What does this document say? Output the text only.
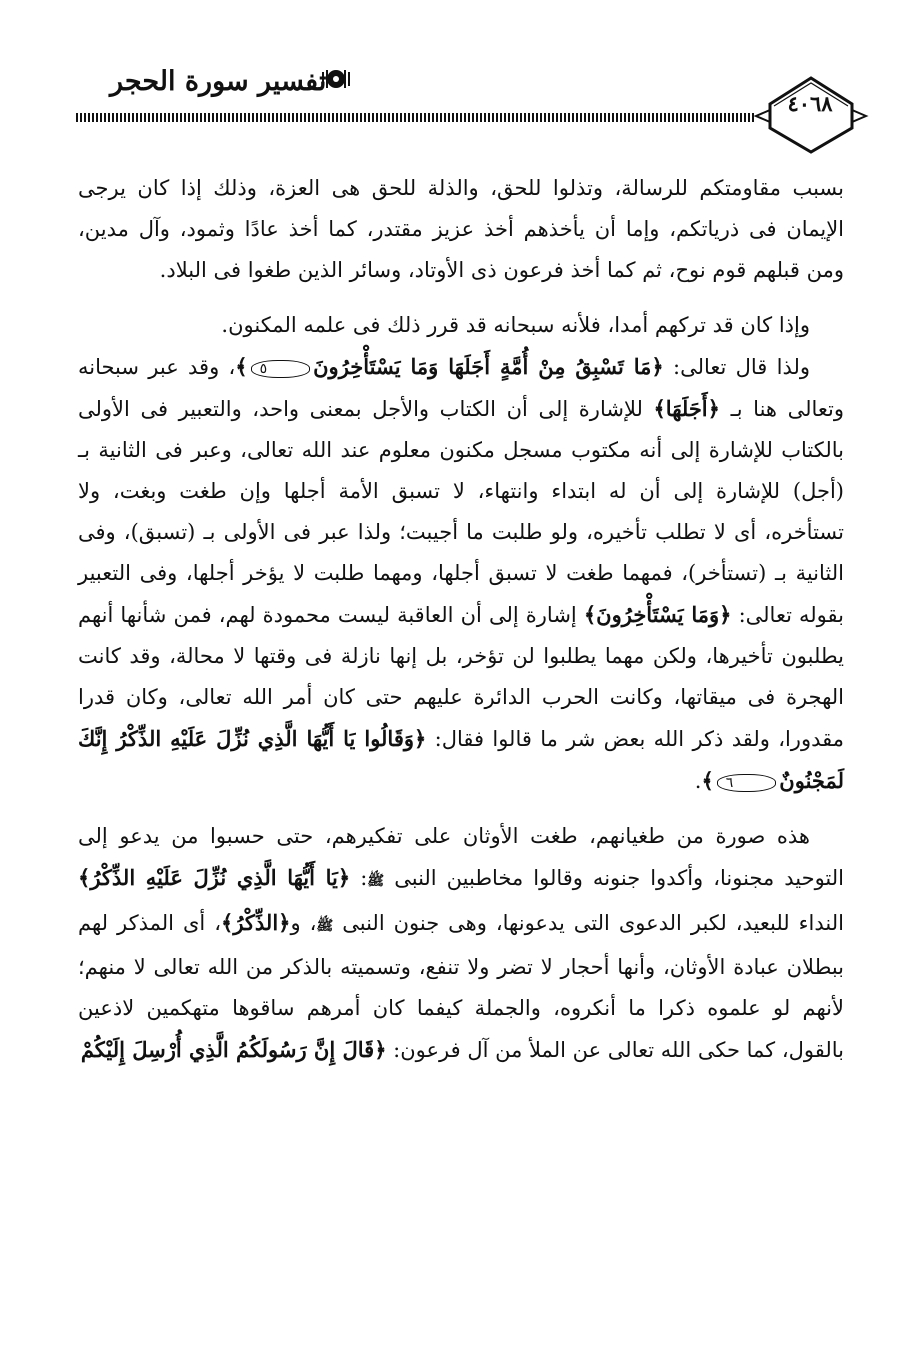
تفسير سورة الحجر
٤٠٦٨

بسبب مقاومتكم للرسالة، وتذلوا للحق، والذلة للحق هى العزة، وذلك إذا كان يرجى الإيمان فى ذرياتكم، وإما أن يأخذهم أخذ عزيز مقتدر، كما أخذ عادًا وثمود، وآل مدين، ومن قبلهم قوم نوح، ثم كما أخذ فرعون ذى الأوتاد، وسائر الذين طغوا فى البلاد.

وإذا كان قد تركهم أمدا، فلأنه سبحانه قد قرر ذلك فى علمه المكنون.

ولذا قال تعالى: ﴿مَا تَسْبِقُ مِنْ أُمَّةٍ أَجَلَهَا وَمَا يَسْتَأْخِرُونَ٥﴾، وقد عبر سبحانه وتعالى هنا بـ ﴿أَجَلَهَا﴾ للإشارة إلى أن الكتاب والأجل بمعنى واحد، والتعبير فى الأولى بالكتاب للإشارة إلى أنه مكتوب مسجل مكنون معلوم عند الله تعالى، وعبر فى الثانية بـ (أجل) للإشارة إلى أن له ابتداء وانتهاء، لا تسبق الأمة أجلها وإن طغت وبغت، ولا تستأخره، أى لا تطلب تأخيره، ولو طلبت ما أجيبت؛ ولذا عبر فى الأولى بـ (تسبق)، وفى الثانية بـ (تستأخر)، فمهما طغت لا تسبق أجلها، ومهما طلبت لا يؤخر أجلها، وفى التعبير بقوله تعالى: ﴿وَمَا يَسْتَأْخِرُونَ﴾ إشارة إلى أن العاقبة ليست محمودة لهم، فمن شأنها أنهم يطلبون تأخيرها، ولكن مهما يطلبوا لن تؤخر، بل إنها نازلة فى وقتها لا محالة، وقد كانت الهجرة فى ميقاتها، وكانت الحرب الدائرة عليهم حتى كان أمر الله تعالى، وكان قدرا مقدورا، ولقد ذكر الله بعض شر ما قالوا فقال: ﴿وَقَالُوا يَا أَيُّهَا الَّذِي نُزِّلَ عَلَيْهِ الذِّكْرُ إِنَّكَ لَمَجْنُونٌ٦﴾.

هذه صورة من طغيانهم، طغت الأوثان على تفكيرهم، حتى حسبوا من يدعو إلى التوحيد مجنونا، وأكدوا جنونه وقالوا مخاطبين النبى ﷺ: ﴿يَا أَيُّهَا الَّذِي نُزِّلَ عَلَيْهِ الذِّكْرُ﴾ النداء للبعيد، لكبر الدعوى التى يدعونها، وهى جنون النبى ﷺ، و﴿الذِّكْرُ﴾، أى المذكر لهم ببطلان عبادة الأوثان، وأنها أحجار لا تضر ولا تنفع، وتسميته بالذكر من الله تعالى لا منهم؛ لأنهم لو علموه ذكرا ما أنكروه، والجملة كيفما كان أمرهم ساقوها متهكمين لاذعين بالقول، كما حكى الله تعالى عن الملأ من آل فرعون: ﴿قَالَ إِنَّ رَسُولَكُمُ الَّذِي أُرْسِلَ إِلَيْكُمْ
